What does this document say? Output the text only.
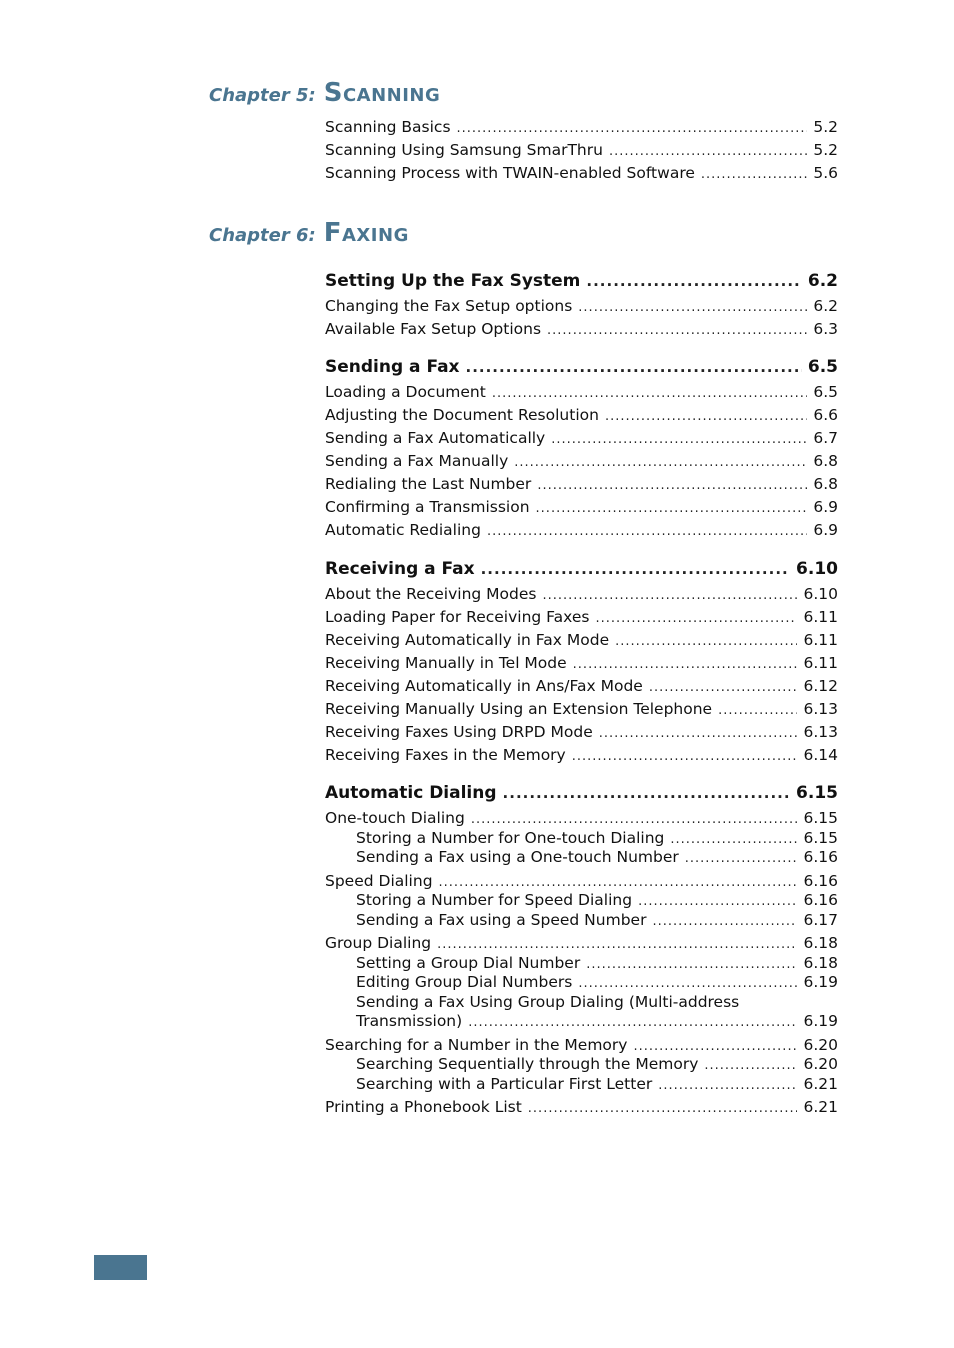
Chapter 5: Scanning
Scanning Basics .....	5.2
Scanning Using Samsung SmarThru .....	5.2
Scanning Process with TWAIN-enabled Software .....	5.6
Chapter 6: Faxing
Setting Up the Fax System .....	6.2
Changing the Fax Setup options .....	6.2
Available Fax Setup Options .....	6.3
Sending a Fax .....	6.5
Loading a Document .....	6.5
Adjusting the Document Resolution .....	6.6
Sending a Fax Automatically .....	6.7
Sending a Fax Manually .....	6.8
Redialing the Last Number .....	6.8
Confirming a Transmission .....	6.9
Automatic Redialing .....	6.9
Receiving a Fax .....	6.10
About the Receiving Modes .....	6.10
Loading Paper for Receiving Faxes .....	6.11
Receiving Automatically in Fax Mode .....	6.11
Receiving Manually in Tel Mode .....	6.11
Receiving Automatically in Ans/Fax Mode .....	6.12
Receiving Manually Using an Extension Telephone .....	6.13
Receiving Faxes Using DRPD Mode .....	6.13
Receiving Faxes in the Memory .....	6.14
Automatic Dialing .....	6.15
One-touch Dialing .....	6.15
Storing a Number for One-touch Dialing .....	6.15
Sending a Fax using a One-touch Number .....	6.16
Speed Dialing .....	6.16
Storing a Number for Speed Dialing .....	6.16
Sending a Fax using a Speed Number .....	6.17
Group Dialing .....	6.18
Setting a Group Dial Number .....	6.18
Editing Group Dial Numbers .....	6.19
Sending a Fax Using Group Dialing (Multi-address
Transmission) .....	6.19
Searching for a Number in the Memory .....	6.20
Searching Sequentially through the Memory .....	6.20
Searching with a Particular First Letter .....	6.21
Printing a Phonebook List .....	6.21
